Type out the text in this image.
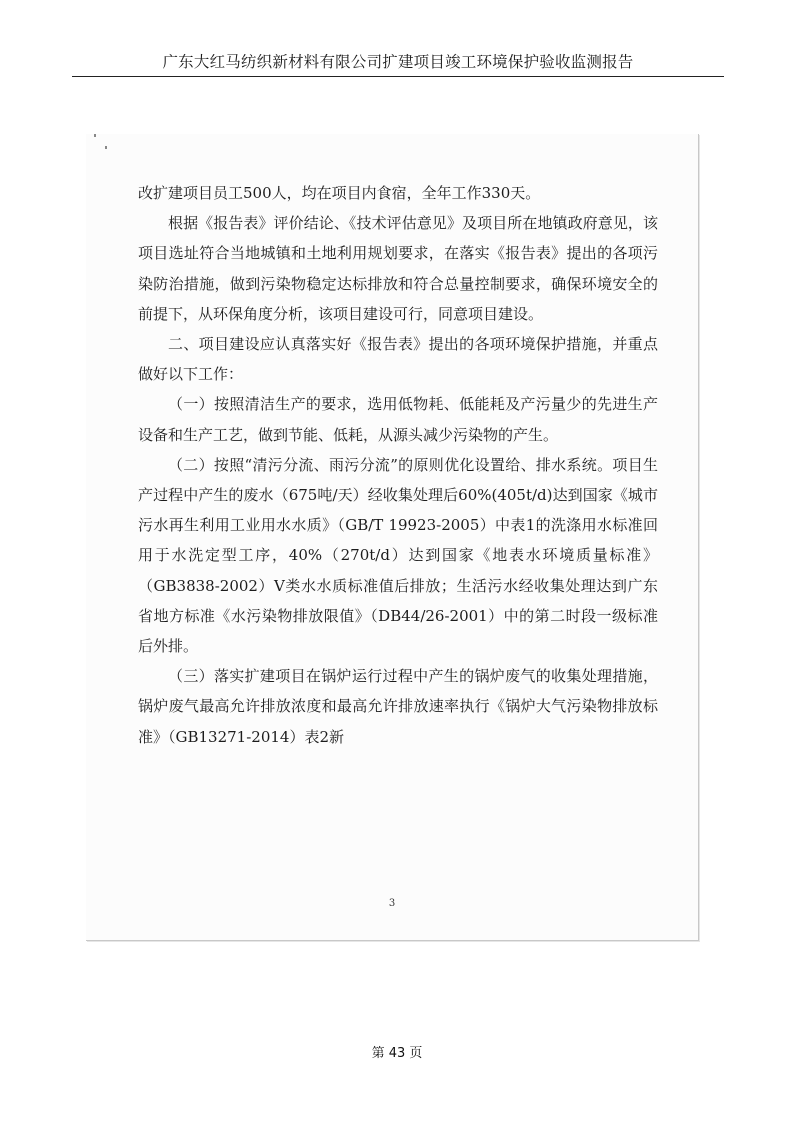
广东大红马纺织新材料有限公司扩建项目竣工环境保护验收监测报告

改扩建项目员工500人，均在项目内食宿，全年工作330天。

根据《报告表》评价结论、《技术评估意见》及项目所在地镇政府意见，该项目选址符合当地城镇和土地利用规划要求，在落实《报告表》提出的各项污染防治措施，做到污染物稳定达标排放和符合总量控制要求，确保环境安全的前提下，从环保角度分析，该项目建设可行，同意项目建设。

二、项目建设应认真落实好《报告表》提出的各项环境保护措施，并重点做好以下工作：

（一）按照清洁生产的要求，选用低物耗、低能耗及产污量少的先进生产设备和生产工艺，做到节能、低耗，从源头减少污染物的产生。

（二）按照“清污分流、雨污分流”的原则优化设置给、排水系统。项目生产过程中产生的废水（675吨/天）经收集处理后60%(405t/d)达到国家《城市污水再生利用工业用水水质》（GB/T 19923-2005）中表1的洗涤用水标准回用于水洗定型工序，40%（270t/d）达到国家《地表水环境质量标准》（GB3838-2002）V类水水质标准值后排放；生活污水经收集处理达到广东省地方标准《水污染物排放限值》（DB44/26-2001）中的第二时段一级标准后外排。

（三）落实扩建项目在锅炉运行过程中产生的锅炉废气的收集处理措施，锅炉废气最高允许排放浓度和最高允许排放速率执行《锅炉大气污染物排放标准》（GB13271-2014）表2新

3
第 43 页
